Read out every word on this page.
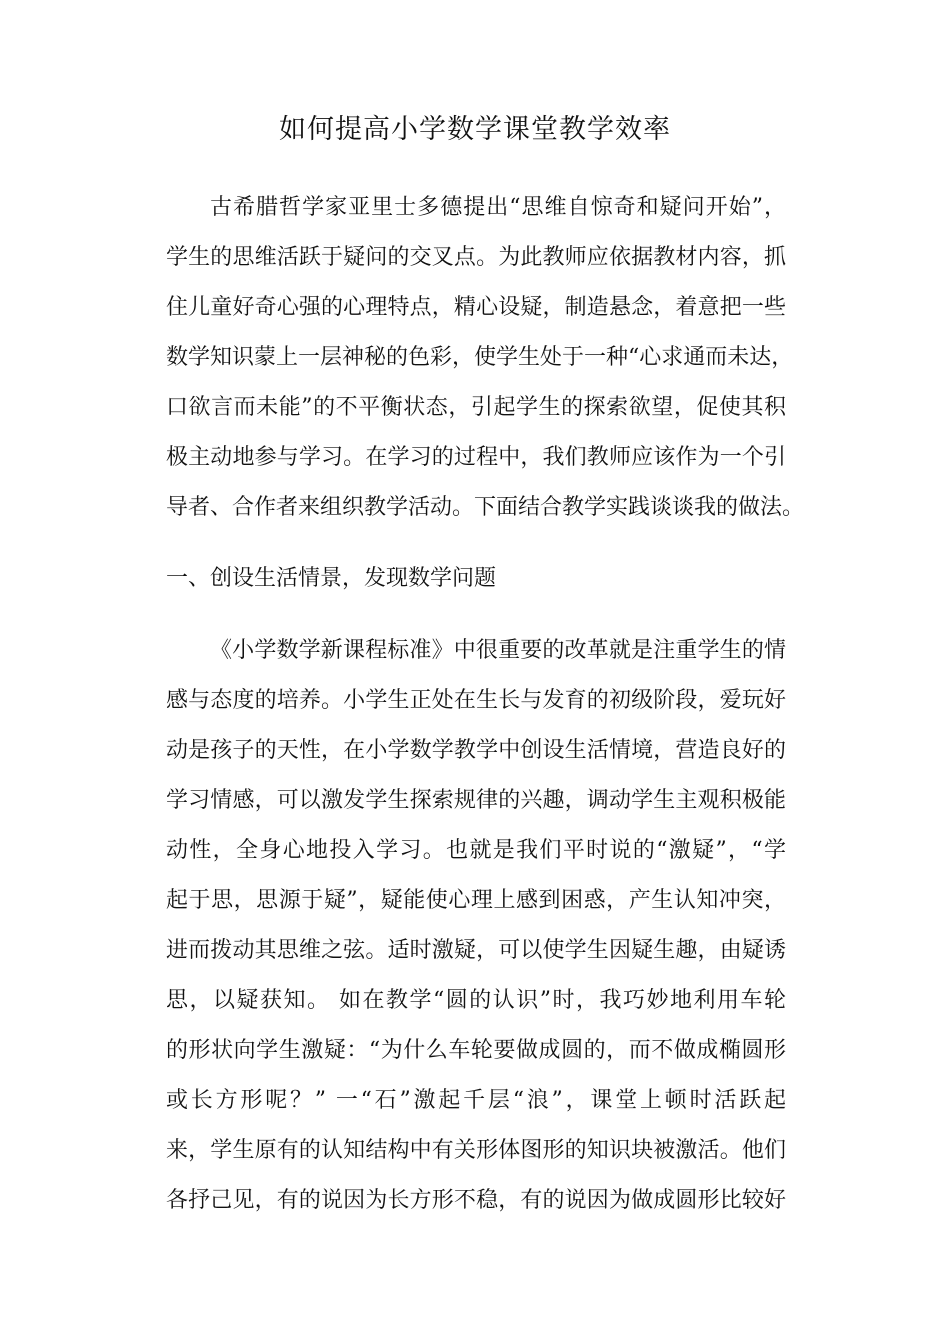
如何提高小学数学课堂教学效率
古希腊哲学家亚里士多德提出“思维自惊奇和疑问开始”，
学生的思维活跃于疑问的交叉点。为此教师应依据教材内容，抓
住儿童好奇心强的心理特点，精心设疑，制造悬念，着意把一些
数学知识蒙上一层神秘的色彩，使学生处于一种“心求通而未达，
口欲言而未能”的不平衡状态，引起学生的探索欲望，促使其积
极主动地参与学习。在学习的过程中，我们教师应该作为一个引
导者、合作者来组织教学活动。下面结合教学实践谈谈我的做法。
一、创设生活情景，发现数学问题
《小学数学新课程标准》中很重要的改革就是注重学生的情
感与态度的培养。小学生正处在生长与发育的初级阶段，爱玩好
动是孩子的天性，在小学数学教学中创设生活情境，营造良好的
学习情感，可以激发学生探索规律的兴趣，调动学生主观积极能
动性，全身心地投入学习。也就是我们平时说的“激疑”，“学
起于思，思源于疑”，疑能使心理上感到困惑，产生认知冲突，
进而拨动其思维之弦。适时激疑，可以使学生因疑生趣，由疑诱
思，以疑获知。 如在教学“圆的认识”时，我巧妙地利用车轮
的形状向学生激疑：“为什么车轮要做成圆的，而不做成椭圆形
或长方形呢？” 一“石”激起千层“浪”，课堂上顿时活跃起
来，学生原有的认知结构中有关形体图形的知识块被激活。他们
各抒己见，有的说因为长方形不稳，有的说因为做成圆形比较好
